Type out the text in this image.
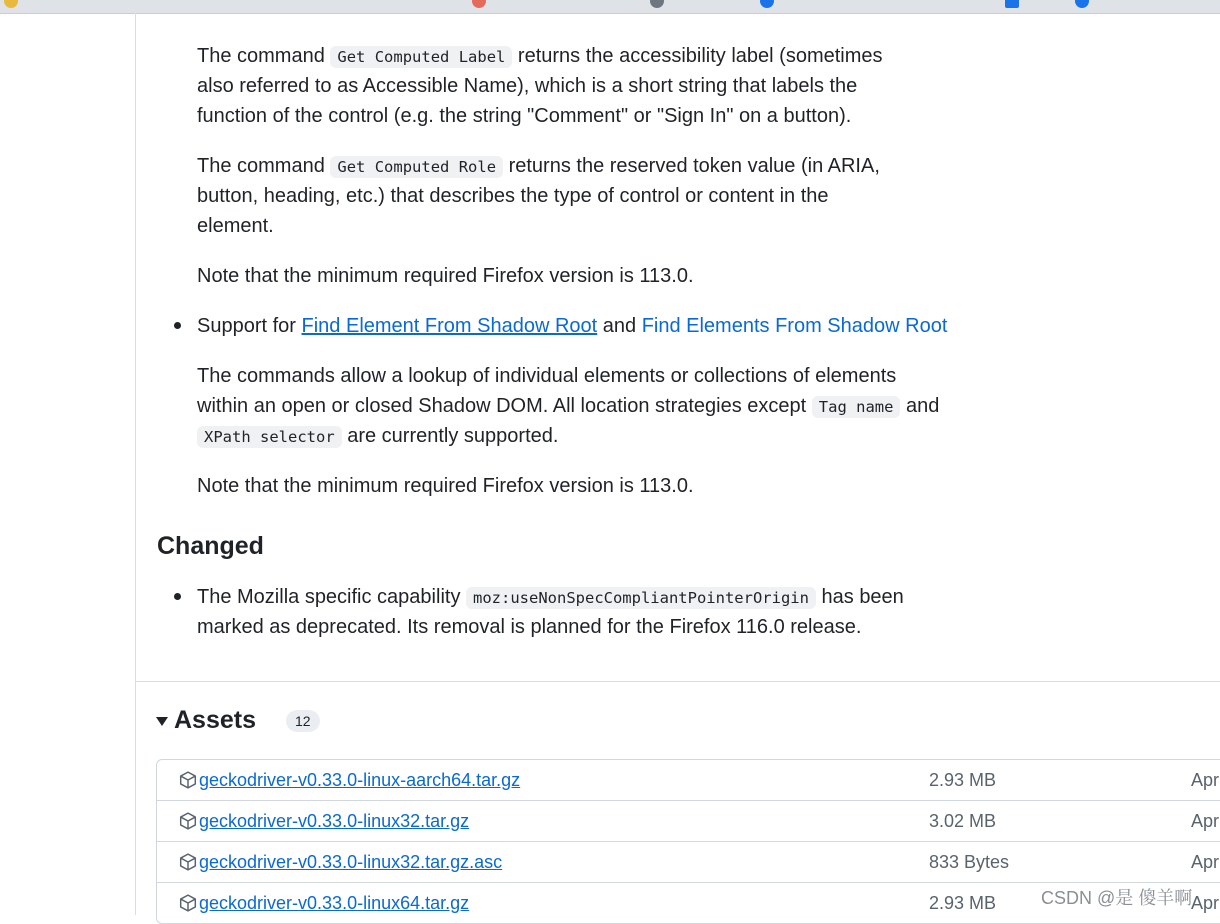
The command Get Computed Label returns the accessibility label (sometimes

also referred to as Accessible Name), which is a short string that labels the

function of the control (e.g. the string "Comment" or "Sign In" on a button).

The command Get Computed Role returns the reserved token value (in ARIA,

button, heading, etc.) that describes the type of control or content in the

element.

Note that the minimum required Firefox version is 113.0.

Support for Find Element From Shadow Root and Find Elements From Shadow Root

The commands allow a lookup of individual elements or collections of elements

within an open or closed Shadow DOM. All location strategies except Tag name and

XPath selector are currently supported.

Note that the minimum required Firefox version is 113.0.

Changed

The Mozilla specific capability moz:useNonSpecCompliantPointerOrigin has been

marked as deprecated. Its removal is planned for the Firefox 116.0 release.

Assets	12
geckodriver-v0.33.0-linux-aarch64.tar.gz	2.93 MB	Apr
geckodriver-v0.33.0-linux32.tar.gz	3.02 MB	Apr
geckodriver-v0.33.0-linux32.tar.gz.asc	833 Bytes	Apr
geckodriver-v0.33.0-linux64.tar.gz	2.93 MB	Apr
CSDN @是 傻羊啊
